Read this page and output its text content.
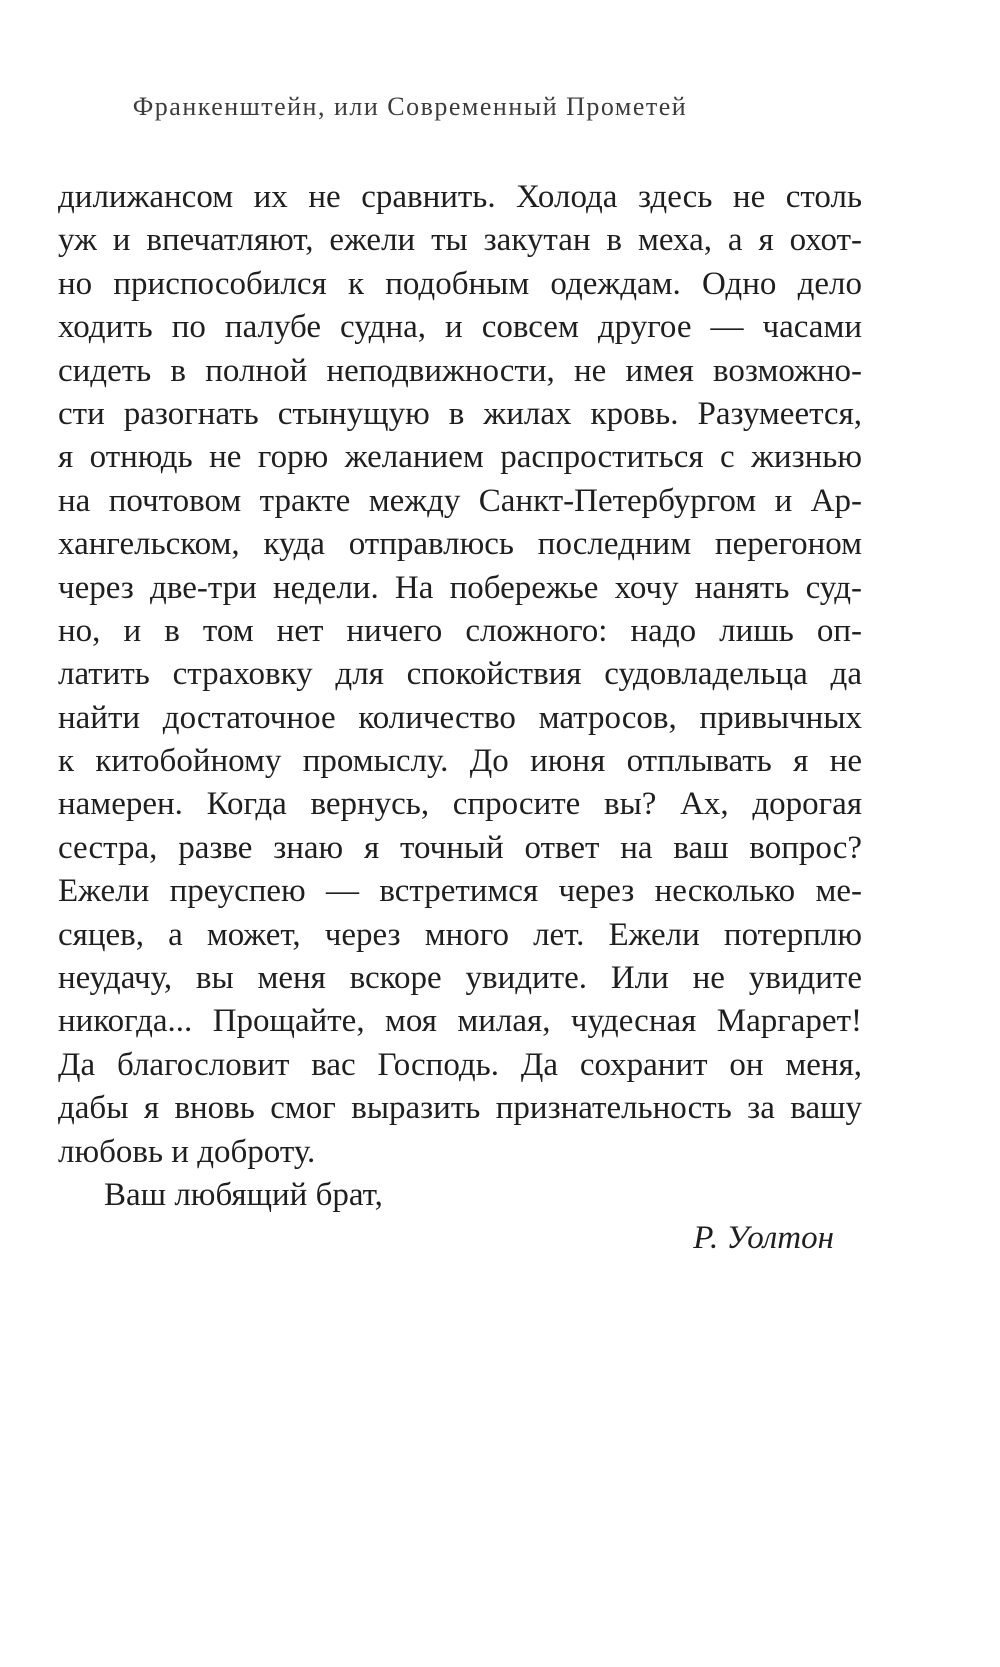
Франкенштейн, или Современный Прометей
дилижансом их не сравнить. Холода здесь не столь
уж и впечатляют, ежели ты закутан в меха, а я охот-
но приспособился к подобным одеждам. Одно дело
ходить по палубе судна, и совсем другое — часами
сидеть в полной неподвижности, не имея возможно-
сти разогнать стынущую в жилах кровь. Разумеется,
я отнюдь не горю желанием распроститься с жизнью
на почтовом тракте между Санкт-Петербургом и Ар-
хангельском, куда отправлюсь последним перегоном
через две-три недели. На побережье хочу нанять суд-
но, и в том нет ничего сложного: надо лишь оп-
латить страховку для спокойствия судовладельца да
найти достаточное количество матросов, привычных
к китобойному промыслу. До июня отплывать я не
намерен. Когда вернусь, спросите вы? Ах, дорогая
сестра, разве знаю я точный ответ на ваш вопрос?
Ежели преуспею — встретимся через несколько ме-
сяцев, а может, через много лет. Ежели потерплю
неудачу, вы меня вскоре увидите. Или не увидите
никогда... Прощайте, моя милая, чудесная Маргарет!
Да благословит вас Господь. Да сохранит он меня,
дабы я вновь смог выразить признательность за вашу
любовь и доброту.
Ваш любящий брат,
Р. Уолтон
